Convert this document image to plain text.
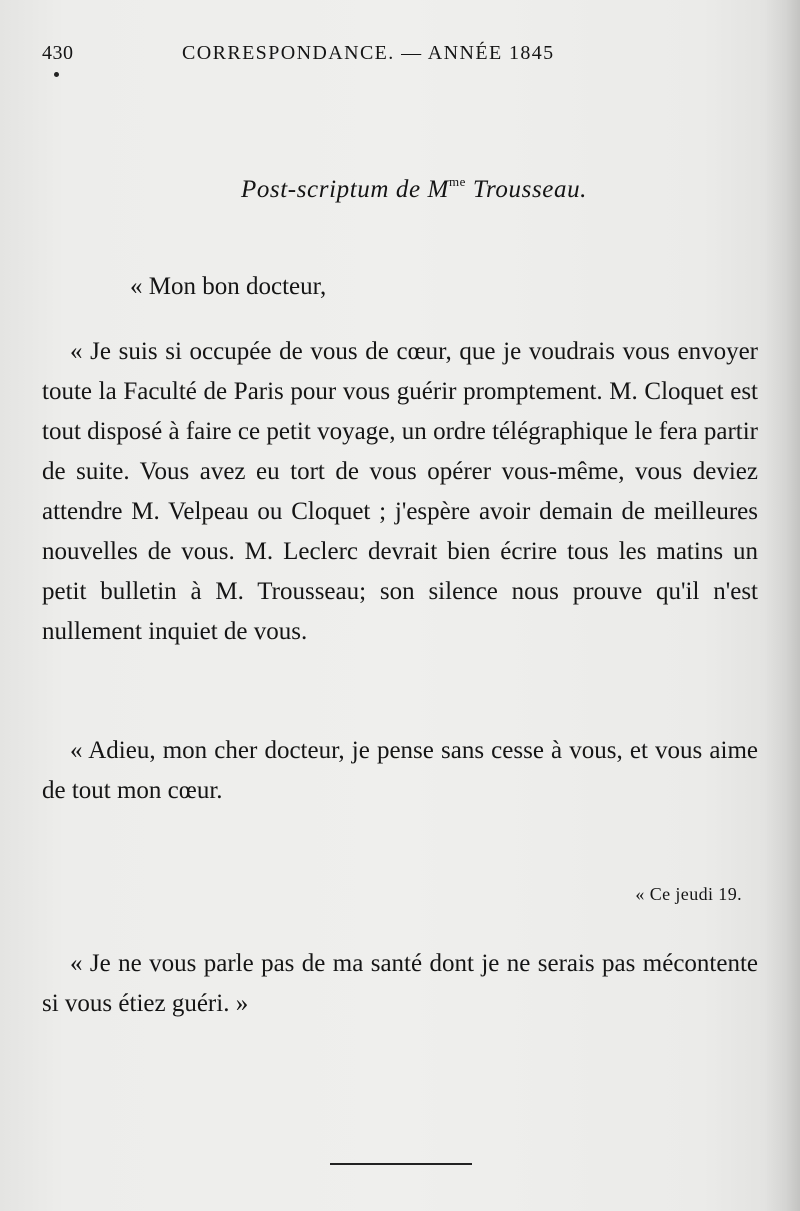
430	CORRESPONDANCE. — ANNÉE 1845
Post-scriptum de $M^{me}$ Trousseau.
« Mon bon docteur,
« Je suis si occupée de vous de cœur, que je voudrais vous envoyer toute la Faculté de Paris pour vous guérir promptement. M. Cloquet est tout disposé à faire ce petit voyage, un ordre télégraphique le fera partir de suite. Vous avez eu tort de vous opérer vous-même, vous deviez attendre M. Velpeau ou Cloquet ; j'espère avoir demain de meilleures nouvelles de vous. M. Leclerc devrait bien écrire tous les matins un petit bulletin à M. Trousseau; son silence nous prouve qu'il n'est nullement inquiet de vous.
« Adieu, mon cher docteur, je pense sans cesse à vous, et vous aime de tout mon cœur.
« Ce jeudi 19.
« Je ne vous parle pas de ma santé dont je ne serais pas mécontente si vous étiez guéri. »
